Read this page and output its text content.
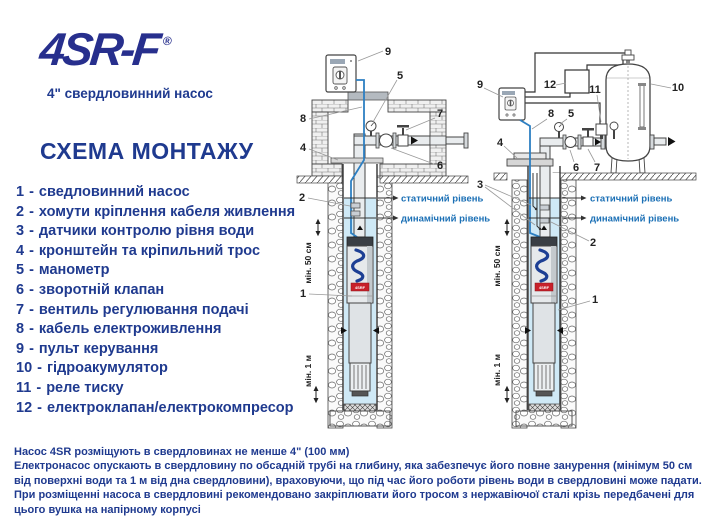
4SR-F®
4" свердловинний насос
СХЕМА МОНТАЖУ
1 - сведловинний насос
2 - хомути кріплення кабеля живлення
3 - датчики контролю рівня води
4 - кронштейн та кріпильний трос
5 - манометр
6 - зворотній клапан
7 - вентиль регулювання подачі
8 - кабель електроживлення
9 - пульт керування
10 - гідроакумулятор
11 - реле тиску
12 - електроклапан/електрокомпресор

Насос 4SR розміщують в свердловинах не менше 4" (100 мм)

Електронасос опускають в свердловину по обсадній трубі на глибину, яка забезпечує його повне занурення (мінімум 50 см від поверхні води та 1 м від дна свердловини), враховуючи, що під час його роботи рівень води в свердловині може падати.

При розміщенні насоса в свердловині рекомендовано закріплювати його тросом з нержавіючої сталі крізь передбачені для цього вушка на напірному корпусі

4SRF
статичний рівень
динамічний рівень
мін. 50 см
мін. 1 м
9
5
7
8
4
6
2
1
4SRF
статичний рівень
динамічний рівень
мін. 50 см
мін. 1 м
9	12	11	10
8 5
4
6 7
3
2
1
